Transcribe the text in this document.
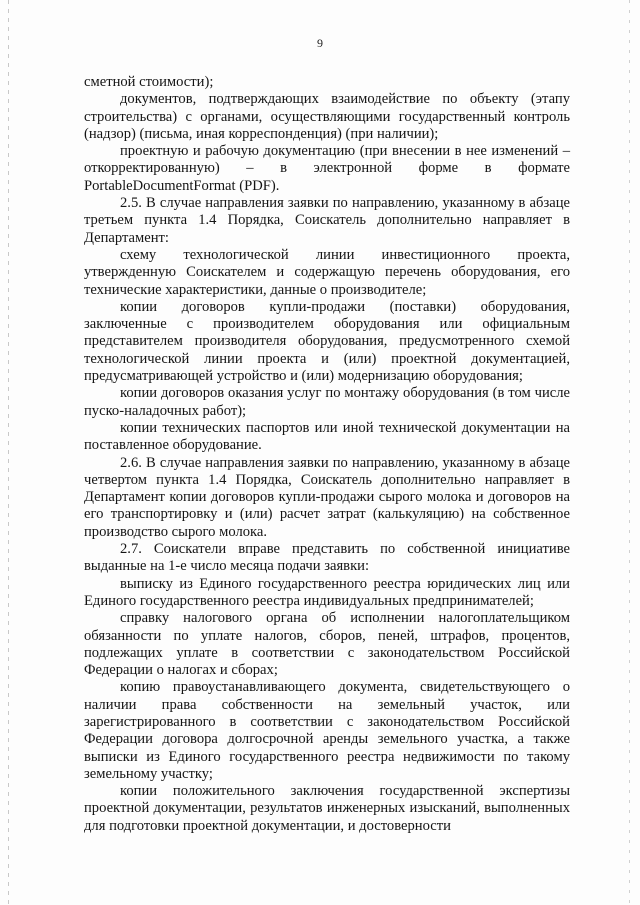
9

сметной стоимости);

документов, подтверждающих взаимодействие по объекту (этапу строительства) с органами, осуществляющими государственный контроль (надзор) (письма, иная корреспонденция) (при наличии);

проектную и рабочую документацию (при внесении в нее изменений – откорректированную) – в электронной форме в формате PortableDocumentFormat (PDF).

2.5. В случае направления заявки по направлению, указанному в абзаце третьем пункта 1.4 Порядка, Соискатель дополнительно направляет в Департамент:

схему технологической линии инвестиционного проекта, утвержденную Соискателем и содержащую перечень оборудования, его технические характеристики, данные о производителе;

копии договоров купли-продажи (поставки) оборудования, заключенные с производителем оборудования или официальным представителем производителя оборудования, предусмотренного схемой технологической линии проекта и (или) проектной документацией, предусматривающей устройство и (или) модернизацию оборудования;

копии договоров оказания услуг по монтажу оборудования (в том числе пуско-наладочных работ);

копии технических паспортов или иной технической документации на поставленное оборудование.

2.6. В случае направления заявки по направлению, указанному в абзаце четвертом пункта 1.4 Порядка, Соискатель дополнительно направляет в Департамент копии договоров купли-продажи сырого молока и договоров на его транспортировку и (или) расчет затрат (калькуляцию) на собственное производство сырого молока.

2.7. Соискатели вправе представить по собственной инициативе выданные на 1-е число месяца подачи заявки:

выписку из Единого государственного реестра юридических лиц или Единого государственного реестра индивидуальных предпринимателей;

справку налогового органа об исполнении налогоплательщиком обязанности по уплате налогов, сборов, пеней, штрафов, процентов, подлежащих уплате в соответствии с законодательством Российской Федерации о налогах и сборах;

копию правоустанавливающего документа, свидетельствующего о наличии права собственности на земельный участок, или зарегистрированного в соответствии с законодательством Российской Федерации договора долгосрочной аренды земельного участка, а также выписки из Единого государственного реестра недвижимости по такому земельному участку;

копии положительного заключения государственной экспертизы проектной документации, результатов инженерных изысканий, выполненных для подготовки проектной документации, и достоверности
